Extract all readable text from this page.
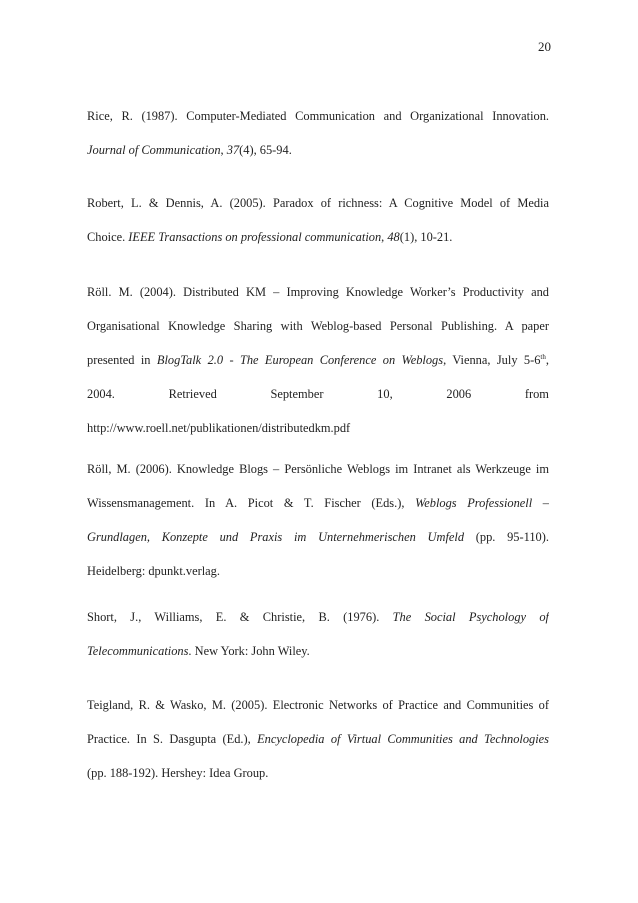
20
Rice, R. (1987). Computer-Mediated Communication and Organizational Innovation.
Journal of Communication, 37(4), 65-94.
Robert, L. & Dennis, A. (2005). Paradox of richness: A Cognitive Model of Media
Choice. IEEE Transactions on professional communication, 48(1), 10-21.
Röll. M. (2004). Distributed KM – Improving Knowledge Worker’s Productivity and
Organisational Knowledge Sharing with Weblog-based Personal Publishing. A paper
presented in BlogTalk 2.0 - The European Conference on Weblogs, Vienna, July 5-6th,
2004.	Retrieved	September	10,	2006	from
http://www.roell.net/publikationen/distributedkm.pdf
Röll, M. (2006). Knowledge Blogs – Persönliche Weblogs im Intranet als Werkzeuge im
Wissensmanagement. In A. Picot & T. Fischer (Eds.), Weblogs Professionell –
Grundlagen, Konzepte und Praxis im Unternehmerischen Umfeld (pp. 95-110).
Heidelberg: dpunkt.verlag.
Short, J., Williams, E. & Christie, B. (1976). The Social Psychology of
Telecommunications. New York: John Wiley.
Teigland, R. & Wasko, M. (2005). Electronic Networks of Practice and Communities of
Practice. In S. Dasgupta (Ed.), Encyclopedia of Virtual Communities and Technologies
(pp. 188-192). Hershey: Idea Group.
